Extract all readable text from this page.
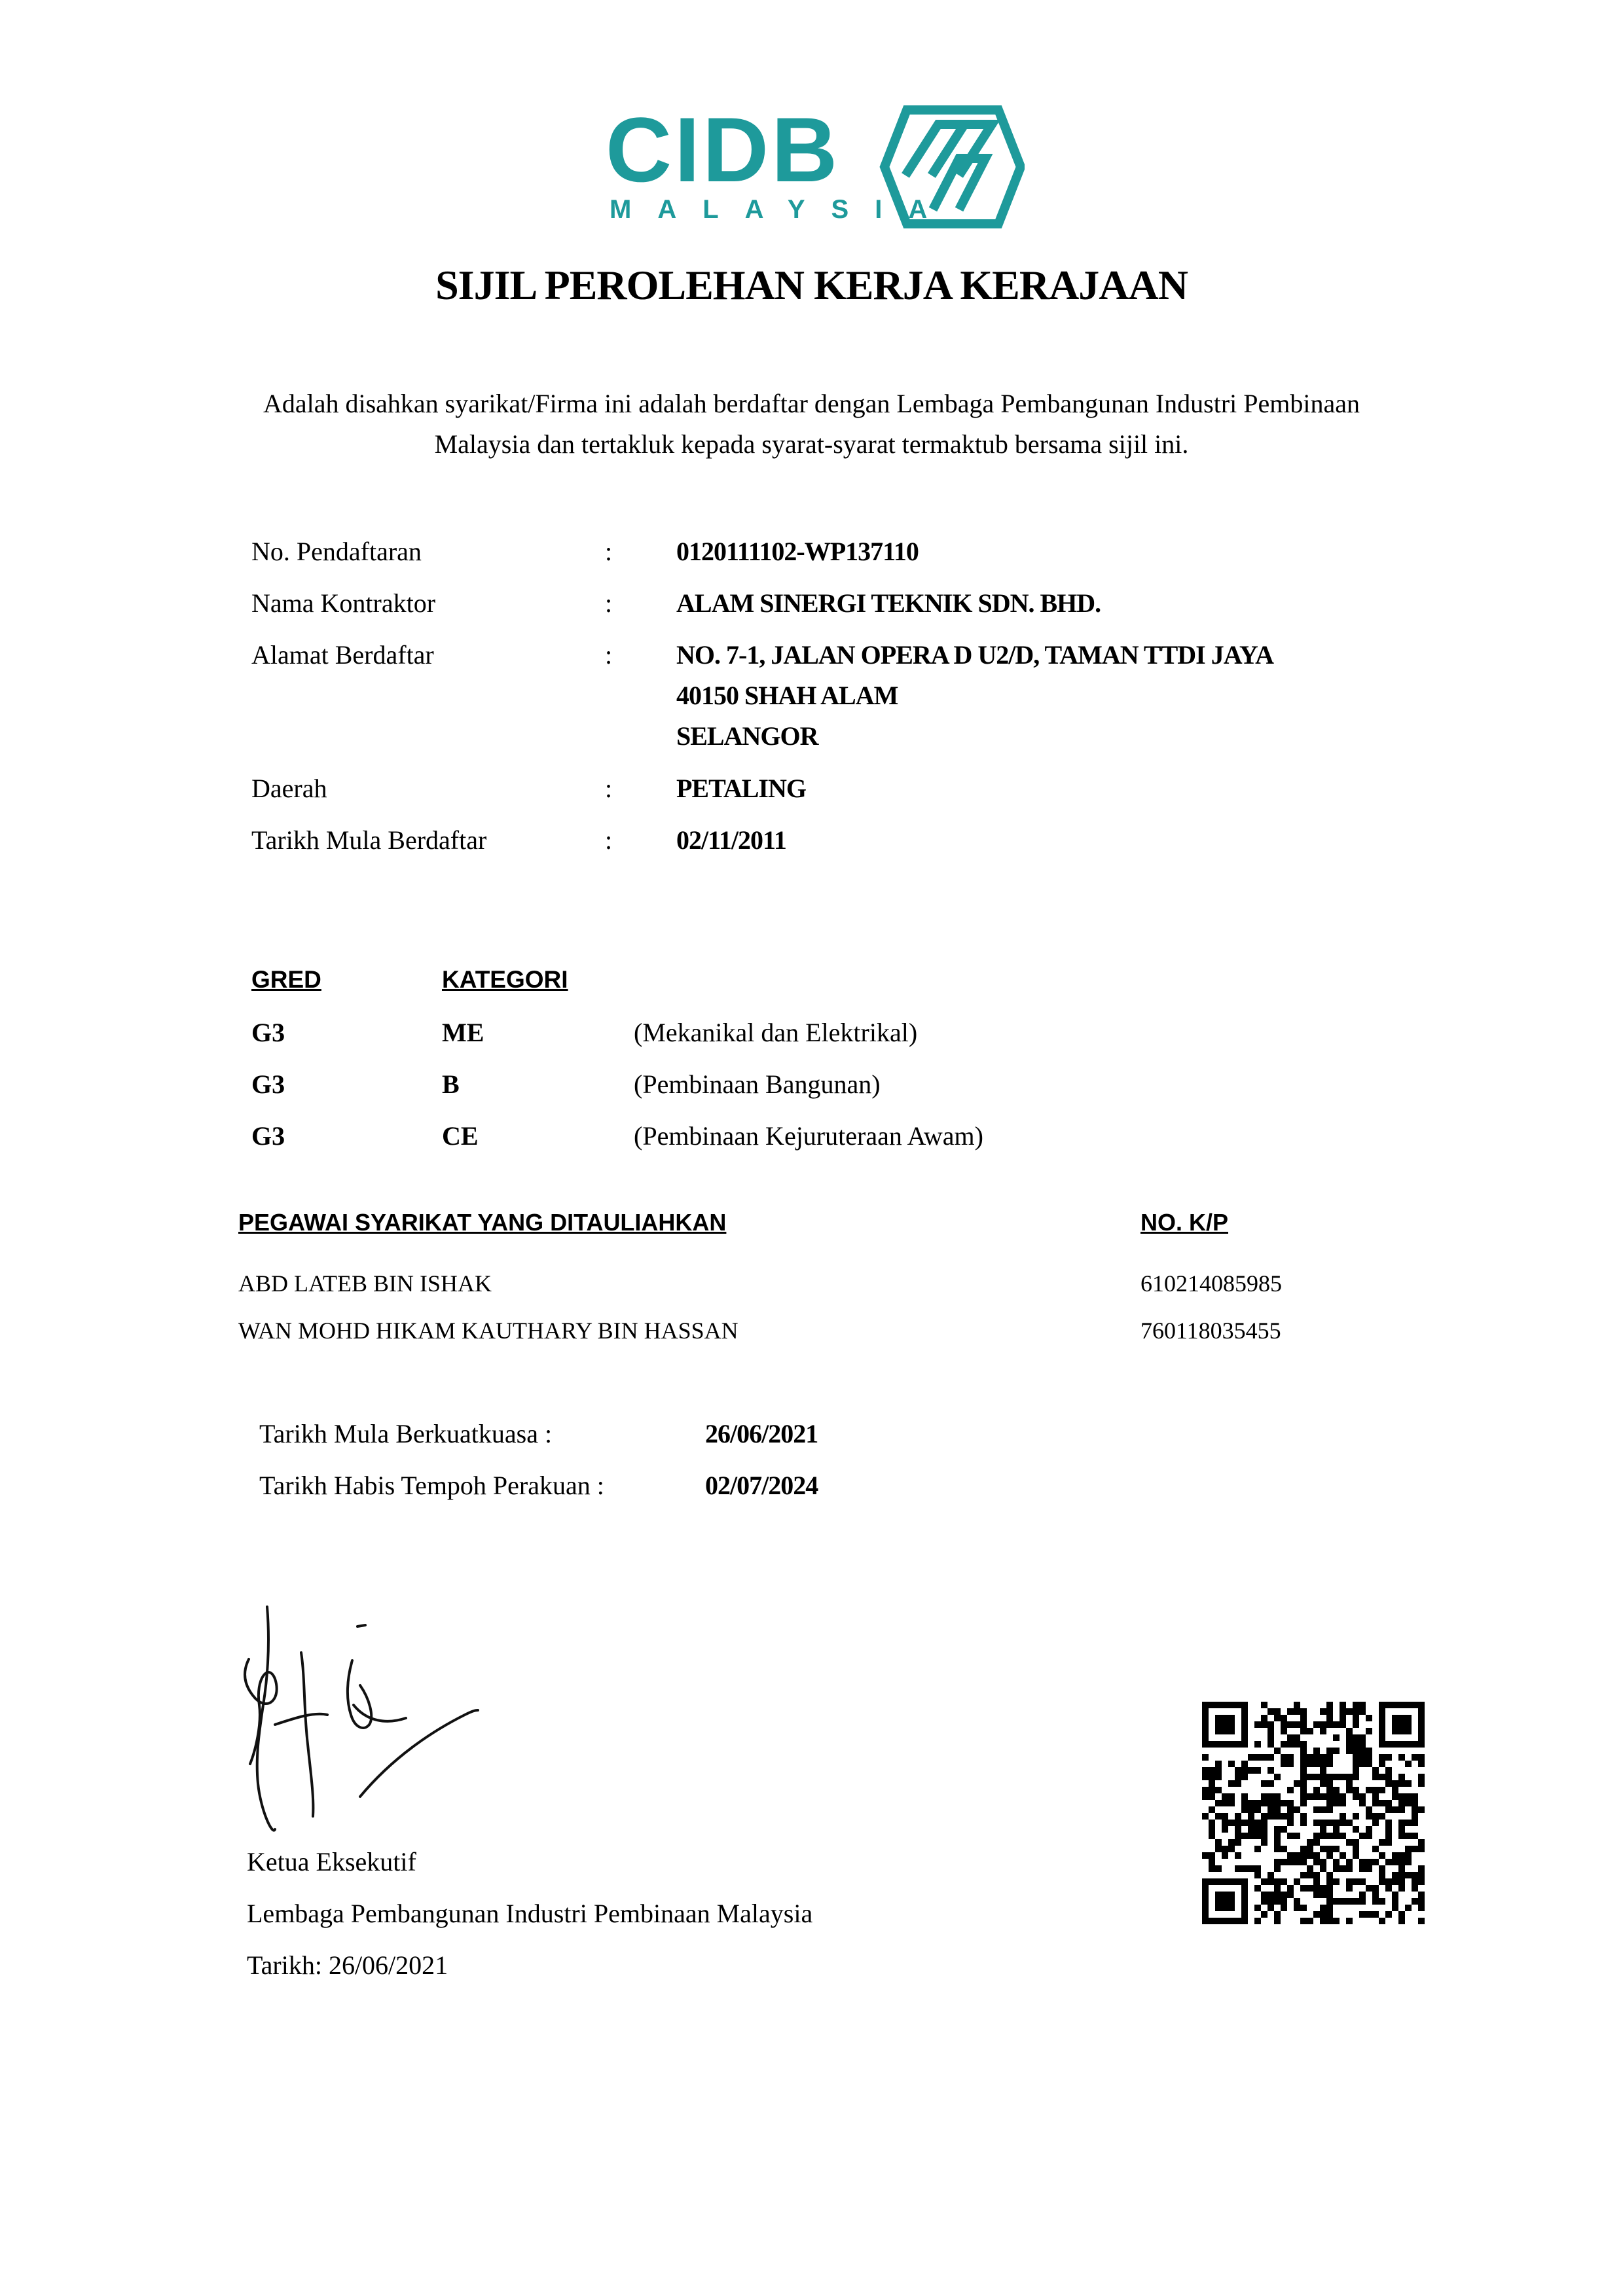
CIDB
MALAYSIA
SIJIL PEROLEHAN KERJA KERAJAAN
Adalah disahkan syarikat/Firma ini adalah berdaftar dengan Lembaga Pembangunan Industri Pembinaan
Malaysia dan tertakluk kepada syarat-syarat termaktub bersama sijil ini.
No. Pendaftaran	: 0120111102-WP137110
Nama Kontraktor	: ALAM SINERGI TEKNIK SDN. BHD.
Alamat Berdaftar	: NO. 7-1, JALAN OPERA D U2/D, TAMAN TTDI JAYA
40150 SHAH ALAM
SELANGOR
Daerah	: PETALING
Tarikh Mula Berdaftar	: 02/11/2011
GRED	KATEGORI
G3	ME	(Mekanikal dan Elektrikal)
G3	B	(Pembinaan Bangunan)
G3	CE	(Pembinaan Kejuruteraan Awam)
PEGAWAI SYARIKAT YANG DITAULIAHKAN	NO. K/P
ABD LATEB BIN ISHAK	610214085985
WAN MOHD HIKAM KAUTHARY BIN HASSAN	760118035455
Tarikh Mula Berkuatkuasa :	26/06/2021
Tarikh Habis Tempoh Perakuan :	02/07/2024
Ketua Eksekutif
Lembaga Pembangunan Industri Pembinaan Malaysia
Tarikh: 26/06/2021
